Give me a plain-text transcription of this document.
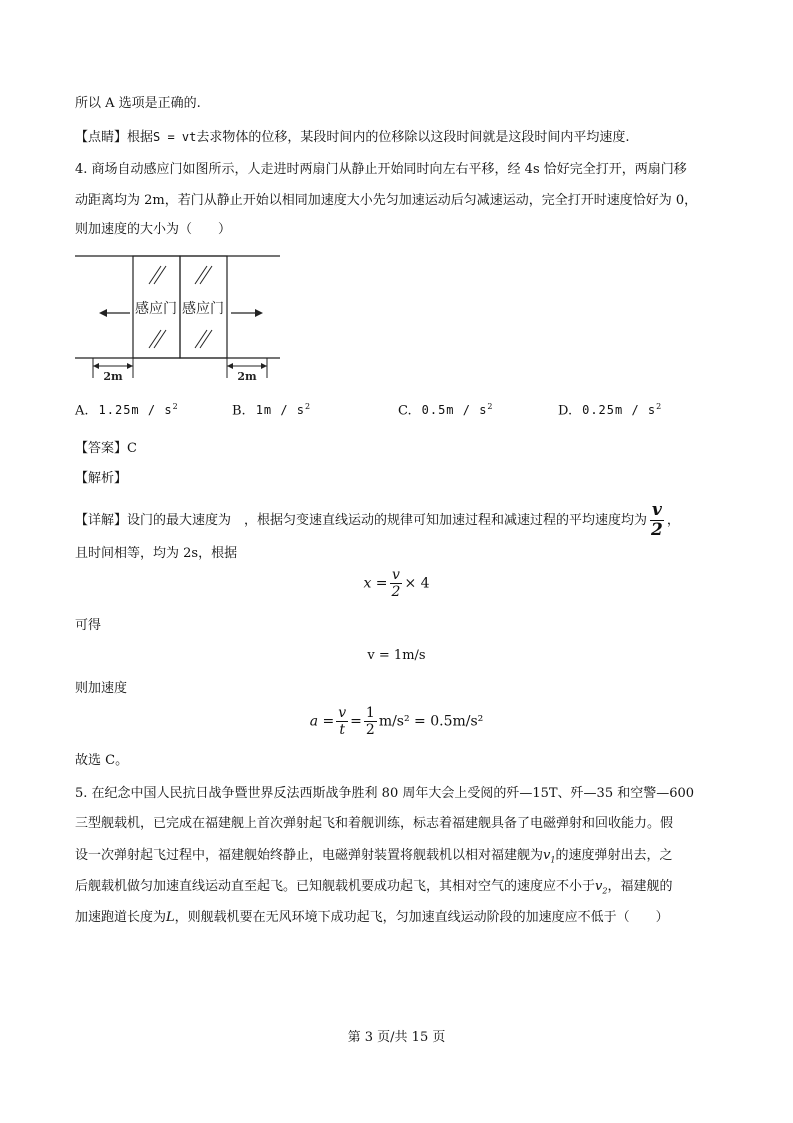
所以 A 选项是正确的.
【点睛】根据S = vt去求物体的位移，某段时间内的位移除以这段时间就是这段时间内平均速度.
4. 商场自动感应门如图所示，人走进时两扇门从静止开始同时向左右平移，经 4s 恰好完全打开，两扇门移
动距离均为 2m，若门从静止开始以相同加速度大小先匀加速运动后匀减速运动，完全打开时速度恰好为 0，
则加速度的大小为（　　）
感应门 感应门
2m	2m
A. $1.25m / s^2$	B. $1m / s^2$	C. $0.5m / s^2$	D. $0.25m / s^2$
【答案】C
【解析】
【详解】设门的最大速度为　，根据匀变速直线运动的规律可知加速过程和减速过程的平均速度均为 $\frac{v}{2}$ ，
且时间相等，均为 2s，根据
$x = \frac{v}{2} \times 4$
可得
v = 1m/s
则加速度
$a = \frac{v}{t} = \frac{1}{2} m/s^2 = 0.5m/s^2$
故选 C。
5. 在纪念中国人民抗日战争暨世界反法西斯战争胜利 80 周年大会上受阅的歼—15T、歼—35 和空警—600
三型舰载机，已完成在福建舰上首次弹射起飞和着舰训练，标志着福建舰具备了电磁弹射和回收能力。假
设一次弹射起飞过程中，福建舰始终静止，电磁弹射装置将舰载机以相对福建舰为$v_1$的速度弹射出去，之
后舰载机做匀加速直线运动直至起飞。已知舰载机要成功起飞，其相对空气的速度应不小于$v_2$，福建舰的
加速跑道长度为L，则舰载机要在无风环境下成功起飞，匀加速直线运动阶段的加速度应不低于（　　）
第 3 页/共 15 页
